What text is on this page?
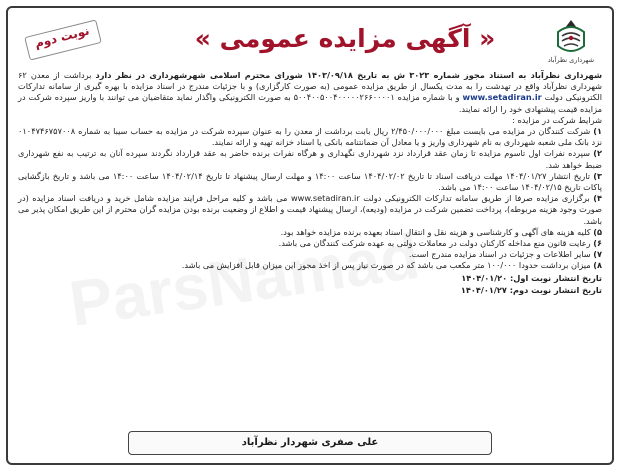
نوبت دوم	« آگهی مزایده عمومی »
شهرداری نظرآباد

شهرداری نظرآباد به استناد مجوز شماره ۳۰۲۳ ش به تاریخ ۱۴۰۳/۰۹/۱۸ شورای محترم اسلامی شهرشهرداری در نظر دارد برداشت از معدن ۶۲ شهرداری نظرآباد واقع در تهدشت را به مدت یکسال از طریق مزایده عمومی (به صورت کارگزاری) و با جزئیات مندرج در اسناد مزایده با بهره گیری از سامانه تدارکات الکترونیکی دولت www.setadiran.ir و با شماره مزایده ۵۰۰۴۰۰۵۰۰۴۰۰۰۰۰۲۶۶۰۰۰۰۱ به صورت الکترونیکی واگذار نماید متقاضیان می توانند با واریز سپرده شرکت در مزایده قیمت پیشنهادی خود را ارائه نمایند.

شرایط شرکت در مزایده :

۱) شرکت کنندگان در مزایده می بایست مبلغ ۲/۴۵۰/۰۰۰/۰۰۰ ریال بابت برداشت از معدن را به عنوان سپرده شرکت در مزایده به حساب سیبا به شماره ۰۱۰۴۷۴۶۷۵۷۰۰۸ نزد بانک ملی شعبه شهرداری به نام شهرداری واریز و یا معادل آن ضمانتنامه بانکی یا اسناد خزانه تهیه و ارائه نمایند.

۲) سپرده نفرات اول تاسوم مزایده تا زمان عقد قرارداد نزد شهرداری نگهداری و هرگاه نفرات برنده حاضر به عقد قرارداد نگردند سپرده آنان به ترتیب به نفع شهرداری ضبط خواهد شد.

۳) تاریخ انتشار ۱۴۰۴/۰۱/۲۷ مهلت دریافت اسناد تا تاریخ ۱۴۰۴/۰۲/۰۲ ساعت ۱۴:۰۰ و مهلت ارسال پیشنهاد تا تاریخ ۱۴۰۴/۰۲/۱۴ ساعت ۱۴:۰۰ می باشد و تاریخ بازگشایی پاکات تاریخ ۱۴۰۴/۰۲/۱۵ ساعت ۱۴:۰۰ می باشد.

۴) برگزاری مزایده صرفا از طریق سامانه تدارکات الکترونیکی دولت www.setadiran.ir می باشد و کلیه مراحل فرایند مزایده شامل خرید و دریافت اسناد مزایده (در صورت وجود هزینه مربوطه)، پرداخت تضمین شرکت در مزایده (ودیعه)، ارسال پیشنهاد قیمت و اطلاع از وضعیت برنده بودن مزایده گران محترم از این طریق امکان پذیر می باشد.

۵) کلیه هزینه های آگهی و کارشناسی و هزینه نقل و انتقال اسناد بعهده برنده مزایده خواهد بود.

۶) رعایت قانون منع مداخله کارکنان دولت در معاملات دولتی به عهده شرکت کنندگان می باشد.

۷) سایر اطلاعات و جزئیات در اسناد مزایده مندرج است.

۸) میزان برداشت حدودا ۱۰۰/۰۰۰ متر مکعب می باشد که در صورت نیاز پس از اخذ مجوز این میزان قابل افزایش می باشد.

تاریخ انتشار نوبت اول: ۱۴۰۴/۰۱/۲۰

تاریخ انتشار نوبت دوم: ۱۴۰۴/۰۱/۲۷

علی صفری شهردار نظرآباد
